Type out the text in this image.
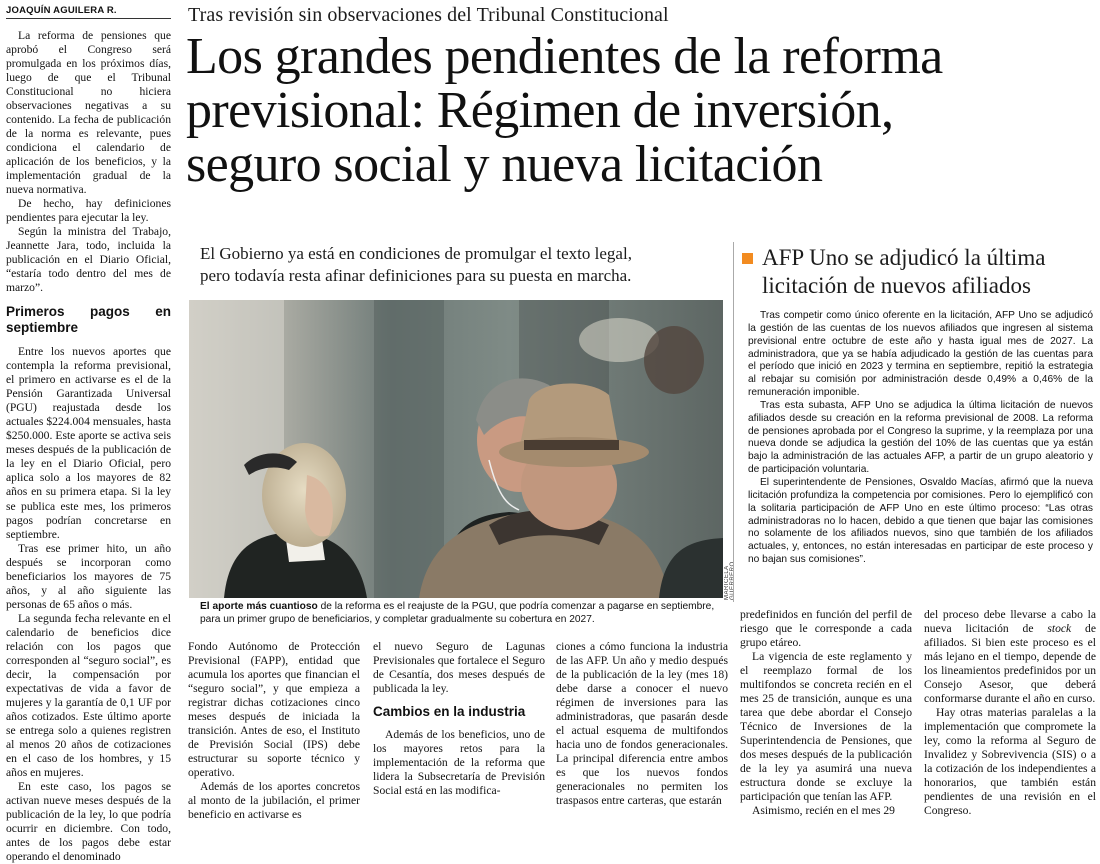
JOAQUÍN AGUILERA R.

La reforma de pensiones que aprobó el Congreso será promulgada en los próximos días, luego de que el Tribunal Constitucional no hiciera observaciones negativas a su contenido. La fecha de publicación de la norma es relevante, pues condiciona el calendario de aplicación de los beneficios, y la implementación gradual de la nueva normativa.

De hecho, hay definiciones pendientes para ejecutar la ley.

Según la ministra del Trabajo, Jeannette Jara, todo, incluida la publicación en el Diario Oficial, “estaría todo dentro del mes de marzo”.

Primeros pagos en septiembre

Entre los nuevos aportes que contempla la reforma previsional, el primero en activarse es el de la Pensión Garantizada Universal (PGU) reajustada desde los actuales $224.004 mensuales, hasta $250.000. Este aporte se activa seis meses después de la publicación de la ley en el Diario Oficial, pero aplica solo a los mayores de 82 años en su primera etapa. Si la ley se publica este mes, los primeros pagos podrían concretarse en septiembre.

Tras ese primer hito, un año después se incorporan como beneficiarios los mayores de 75 años, y al año siguiente las personas de 65 años o más.

La segunda fecha relevante en el calendario de beneficios dice relación con los pagos que corresponden al “seguro social”, es decir, la compensación por expectativas de vida a favor de mujeres y la garantía de 0,1 UF por años cotizados. Este último aporte se entrega solo a quienes registren al menos 20 años de cotizaciones en el caso de los hombres, y 15 años en mujeres.

En este caso, los pagos se activan nueve meses después de la publicación de la ley, lo que podría ocurrir en diciembre. Con todo, antes de los pagos debe estar operando el denominado

Tras revisión sin observaciones del Tribunal Constitucional
Los grandes pendientes de la reforma
previsional: Régimen de inversión,
seguro social y nueva licitación
El Gobierno ya está en condiciones de promulgar el texto legal,
pero todavía resta afinar definiciones para su puesta en marcha.
MARICELA GUERRERO
El aporte más cuantioso de la reforma es el reajuste de la PGU, que podría comenzar a pagarse en septiembre, para un primer grupo de beneficiarios, y completar gradualmente su cobertura en 2027.

Fondo Autónomo de Protección Previsional (FAPP), entidad que acumula los aportes que financian el “seguro social”, y que empieza a registrar dichas cotizaciones cinco meses después de iniciada la transición. Antes de eso, el Instituto de Previsión Social (IPS) debe estructurar su soporte técnico y operativo.

Además de los aportes concretos al monto de la jubilación, el primer beneficio en activarse es

el nuevo Seguro de Lagunas Previsionales que fortalece el Seguro de Cesantía, dos meses después de publicada la ley.

Cambios en la industria

Además de los beneficios, uno de los mayores retos para la implementación de la reforma que lidera la Subsecretaría de Previsión Social está en las modifica-

ciones a cómo funciona la industria de las AFP. Un año y medio después de la publicación de la ley (mes 18) debe darse a conocer el nuevo régimen de inversiones para las administradoras, que pasarán desde el actual esquema de multifondos hacia uno de fondos generacionales. La principal diferencia entre ambos es que los nuevos fondos generacionales no permiten los traspasos entre carteras, que estarán

predefinidos en función del perfil de riesgo que le corresponde a cada grupo etáreo.

La vigencia de este reglamento y el reemplazo formal de los multifondos se concreta recién en el mes 25 de transición, aunque es una tarea que debe abordar el Consejo Técnico de Inversiones de la Superintendencia de Pensiones, que dos meses después de la publicación de la ley ya asumirá una nueva estructura donde se excluye la participación que tenían las AFP.

Asimismo, recién en el mes 29

del proceso debe llevarse a cabo la nueva licitación de stock de afiliados. Si bien este proceso es el más lejano en el tiempo, depende de los lineamientos predefinidos por un Consejo Asesor, que deberá conformarse durante el año en curso.

Hay otras materias paralelas a la implementación que compromete la ley, como la reforma al Seguro de Invalidez y Sobrevivencia (SIS) o a la cotización de los independientes a honorarios, que también están pendientes de una revisión en el Congreso.

AFP Uno se adjudicó la última
licitación de nuevos afiliados

Tras competir como único oferente en la licitación, AFP Uno se adjudicó la gestión de las cuentas de los nuevos afiliados que ingresen al sistema previsional entre octubre de este año y hasta igual mes de 2027. La administradora, que ya se había adjudicado la gestión de las cuentas para el período que inició en 2023 y termina en septiembre, repitió la estrategia al rebajar su comisión por administración desde 0,49% a 0,46% de la remuneración imponible.

Tras esta subasta, AFP Uno se adjudica la última licitación de nuevos afiliados desde su creación en la reforma previsional de 2008. La reforma de pensiones aprobada por el Congreso la suprime, y la reemplaza por una nueva donde se adjudica la gestión del 10% de las cuentas que ya están bajo la administración de las actuales AFP, a partir de un grupo aleatorio y de participación voluntaria.

El superintendente de Pensiones, Osvaldo Macías, afirmó que la nueva licitación profundiza la competencia por comisiones. Pero lo ejemplificó con la solitaria participación de AFP Uno en este último proceso: “Las otras administradoras no lo hacen, debido a que tienen que bajar las comisiones no solamente de los afiliados nuevos, sino que también de los afiliados actuales, y, entonces, no están interesadas en participar de este proceso y no bajan sus comisiones”.
